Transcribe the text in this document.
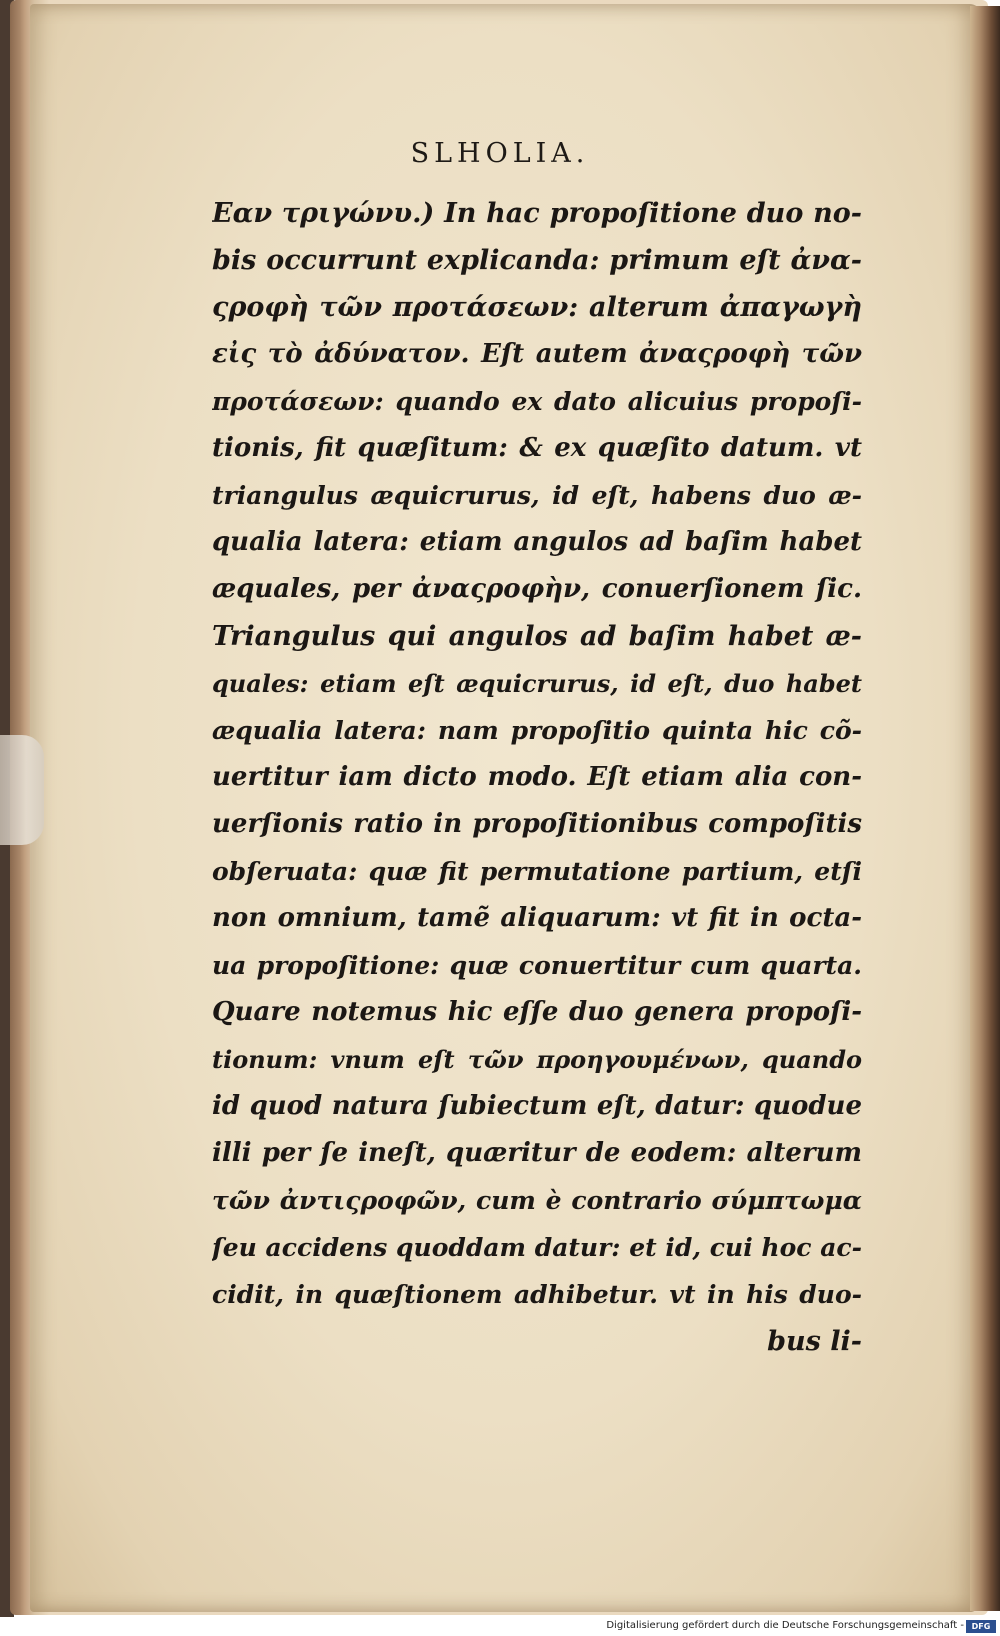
SLHOLIA.
Εαν τριγώνυ.) In hac propoſitione duo no-
bis occurrunt explicanda: primum eſt ἀνα-
ςροφὴ τῶν προτάσεων: alterum ἀπαγωγὴ
εἰς τὸ ἀδύνατον. Eſt autem ἀναςροφὴ τῶν
προτάσεων: quando ex dato alicuius propoſi-
tionis, fit quæſitum: & ex quæſito datum. vt
triangulus æquicrurus, id eſt, habens duo æ-
qualia latera: etiam angulos ad baſim habet
æquales, per ἀναςροφὴν, conuerſionem ſic.
Triangulus qui angulos ad baſim habet æ-
quales: etiam eſt æquicrurus, id eſt, duo habet
æqualia latera: nam propoſitio quinta hic cõ-
uertitur iam dicto modo. Eſt etiam alia con-
uerſionis ratio in propoſitionibus compoſitis
obſeruata: quæ fit permutatione partium, etſi
non omnium, tamẽ aliquarum: vt fit in octa-
ua propoſitione: quæ conuertitur cum quarta.
Quare notemus hic eſſe duo genera propoſi-
tionum: vnum eſt τῶν προηγουμένων, quando
id quod natura ſubiectum eſt, datur: quodue
illi per ſe ineſt, quæritur de eodem: alterum
τῶν ἀντιςροφῶν, cum è contrario σύμπτωμα
ſeu accidens quoddam datur: et id, cui hoc ac-
cidit, in quæſtionem adhibetur. vt in his duo-
bus li-
Digitalisierung gefördert durch die Deutsche Forschungsgemeinschaft - DFG
